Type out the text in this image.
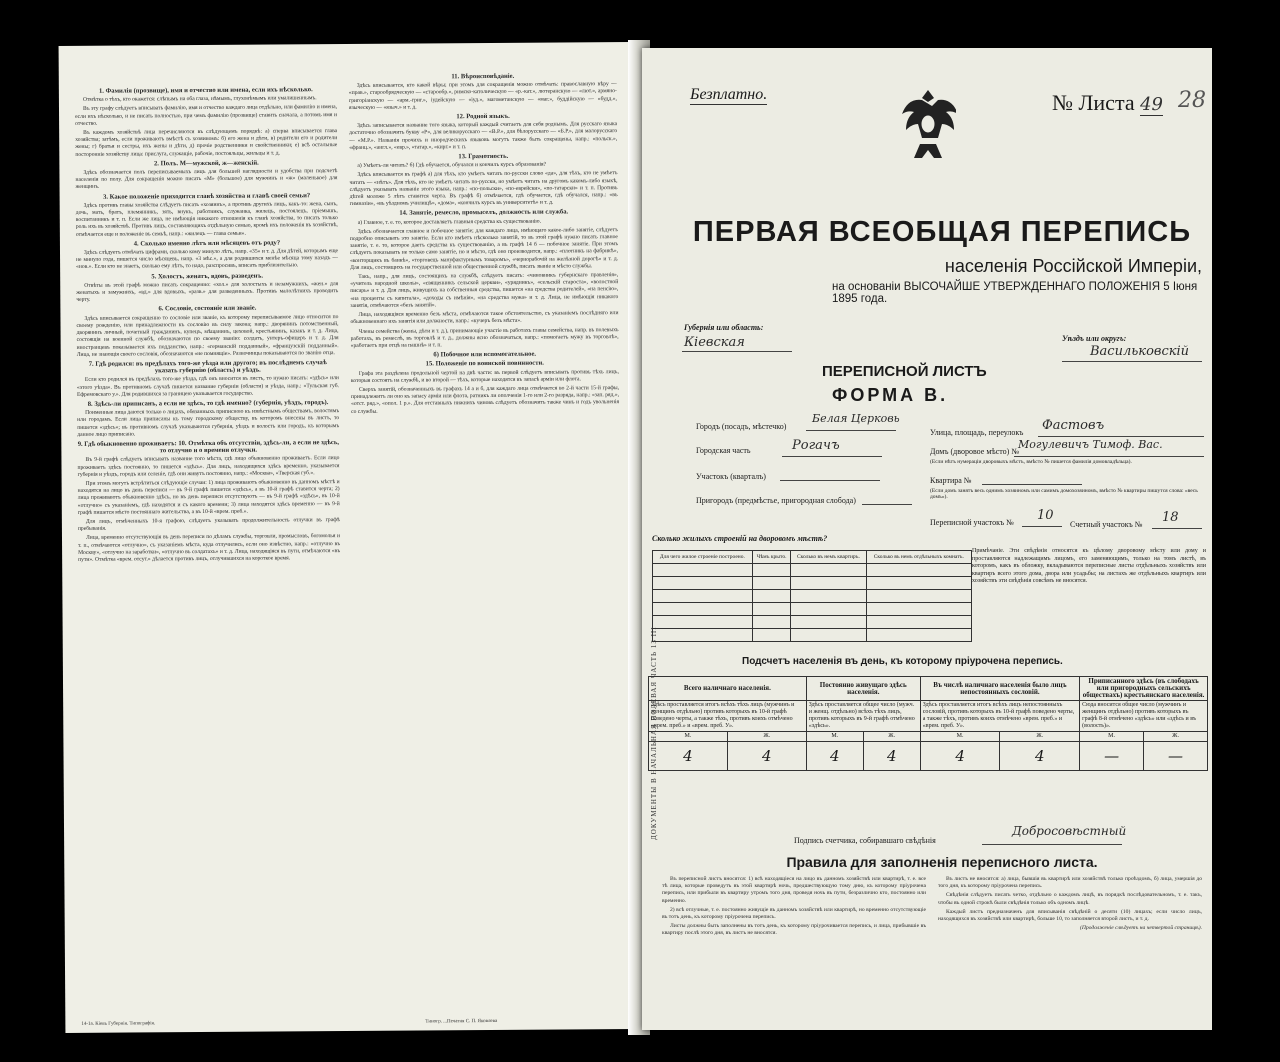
1. Фамилія (прозвище), имя и отчество или имена, если ихъ нѣсколько.

Отмѣтка о тѣхъ, кто окажется: слѣпымъ на оба глаза, нѣмымъ, глухонѣмымъ или умалишеннымъ.

Въ эту графу слѣдуетъ вписывать фамилію, имя и отчество каждаго лица отдѣльно, или фамилію и имена, если ихъ нѣсколько, и не писать полностью, при чемъ фамилію (прозвище) ставить сначала, а потомъ имя и отчество.

Въ каждомъ хозяйствѣ лица перечисляются въ слѣдующемъ порядкѣ: а) сперва вписывается глава хозяйства; затѣмъ, если проживаютъ вмѣстѣ съ хозяиномъ: б) его жена и дѣти, в) родители его и родители жены; г) братья и сестры, ихъ жены и дѣти, д) прочіе родственники и свойственники; е) всѣ остальные посторонніе хозяйству лица: прислуга, служащіе, рабочіе, постояльцы, жильцы и т. д.

2. Полъ. М—мужской, ж—женскій.

Здѣсь обозначается полъ переписываемыхъ лицъ для большей наглядности и удобства при подсчетѣ населенія по полу. Для сокращенія можно писать «М» (большое) для мужчинъ и «ж» (маленькое) для женщинъ.

3. Какое положеніе приходится главѣ хозяйства и главѣ своей семьи?

Здѣсь противъ главы хозяйства слѣдуетъ писать «хозяинъ», а противъ другихъ лицъ, какъ-то: жена, сынъ, дочь, мать, братъ, племянникъ, зять, внукъ, работникъ, служанка, жилецъ, постоялецъ, пріемышъ, воспитанникъ и т. п. Если же лица, не имѣющія никакого отношенія къ главѣ хозяйства, то писать только роль ихъ въ хозяйствѣ. Противъ лицъ, составляющихъ отдѣльную семью, кромѣ ихъ положенія въ хозяйствѣ, отмѣчается еще и положеніе въ семьѣ, напр.: «жилецъ — глава семьи».

4. Сколько именно лѣтъ или мѣсяцевъ отъ роду?

Здѣсь слѣдуетъ отмѣчать цифрами, сколько кому минуло лѣтъ, напр. «35» и т. д. Для дѣтей, которымъ еще не минуло года, пишется число мѣсяцевъ, напр. «3 мѣс.», а для родившихся менѣе мѣсяца тому назадъ — «нов.». Если кто не знаетъ, сколько ему лѣтъ, то надо, разспросивъ, вписать приблизительно.

5. Холостъ, женатъ, вдовъ, разведенъ.

Отвѣты въ этой графѣ можно писать сокращенно: «хол.» для холостыхъ и незамужнихъ, «жен.» для женатыхъ и замужнихъ, «вд.» для вдовыхъ, «разв.» для разведенныхъ. Противъ малолѣтнихъ проводить черту.

6. Сословіе, состояніе или званіе.

Здѣсь вписывается сокращенно то сословіе или званіе, къ которому переписываемое лицо относится по своему рожденію, или принадлежности къ сословію въ силу закона; напр.: дворянинъ потомственный, дворянинъ личный, почетный гражданинъ, купецъ, мѣщанинъ, цеховой, крестьянинъ, казакъ и т. д. Лица, состоящія на военной службѣ, обозначаются по своему званію: солдатъ, унтеръ-офицеръ и т. д. Для иностранцевъ показывается ихъ подданство, напр.: «германскій подданный», «французскій подданный». Лица, не знающія своего сословія, обозначаются «не помнящіе». Разночинцы показываются по званію отца.

7. Гдѣ родился: въ предѣлахъ того-же уѣзда или другого; въ послѣднемъ случаѣ указать губернію (область) и уѣздъ.

Если кто родился въ предѣлахъ того-же уѣзда, гдѣ онъ вносится въ листъ, то нужно писать: «здѣсь» или «этого уѣзда». Въ противномъ случаѣ пишется название губерніи (области) и уѣзда, напр.: «Тульская губ. Ефремовскаго у.». Для родившихся за границею указывается государство.

8. Здѣсь-ли приписанъ, а если не здѣсь, то гдѣ именно? (губернія, уѣздъ, городъ).

Поименные лица даются только о лицахъ, обязанныхъ приписною къ извѣстнымъ обществамъ, волостямъ или городамъ. Если лица приписаны къ тому городскому обществу, въ которомъ внесены въ листъ, то пишется «здѣсь»; въ противномъ случаѣ указываются губернія, уѣздъ и волость или городъ, къ которымъ данное лицо приписано.

9. Гдѣ обыкновенно проживаетъ: 10. Отмѣтка объ отсутствіи, здѣсь-ли, а если не здѣсь, то отлучно и о времени отлучки.

Въ 9-й графѣ слѣдуетъ вписывать название того мѣста, гдѣ лицо обыкновенно проживаетъ. Если лицо проживаетъ здѣсь постоянно, то пишется «здѣсь». Для лицъ, находящихся здѣсь временно, указывается губернія и уѣздъ, городъ или селеніе, гдѣ они живутъ постоянно, напр.: «Москва», «Тверская губ.».

При этомъ могутъ встрѣтиться слѣдующіе случаи: 1) лица проживаютъ обыкновенно въ данномъ мѣстѣ и находятся на лицо въ день переписи — въ 9-й графѣ пишется «здѣсь», а въ 10-й графѣ ставится черта; 2) лица проживаютъ обыкновенно здѣсь, но въ день переписи отсутствуютъ — въ 9-й графѣ «здѣсь», въ 10-й «отлучно» съ указаніемъ, гдѣ находятся и съ какого времени; 3) лица находятся здѣсь временно — въ 9-й графѣ пишется мѣсто постояннаго жительства, а въ 10-й «врем. преб.».

Для лицъ, отмѣченныхъ 10-я графою, слѣдуетъ указывать продолжительность отлучки въ графѣ пребыванія.

Лица, временно отсутствующія въ день переписи по дѣламъ службы, торговли, промысловъ, богомолья и т. п., отмѣчаются «отлучно», съ указаніемъ мѣста, куда отлучились, если оно извѣстно, напр.: «отлучно въ Москву», «отлучно на заработки», «отлучно въ солдатахъ» и т. д. Лица, находящіяся въ пути, отмѣчаются «въ пути». Отмѣтка «врем. отсут.» дѣлается противъ лицъ, отлучившихся на короткое время.

11. Вѣроисповѣданіе.

Здѣсь вписывается, кто какой вѣры; при этомъ для сокращенія можно отмѣчать: православную вѣру — «прав.», старообрядческую — «старообр.», римско-католическую — «р.-кат.», лютеранскую — «лют.», армяно-григоріанскую — «арм.-григ.», іудейскую — «іуд.», магометанскую — «маг.», буддійскую — «будд.», языческую — «языч.» и т. д.

12. Родной языкъ.

Здѣсь записывается название того языка, который каждый считаетъ для себя роднымъ. Для русскаго языка достаточно обозначить букву «Р», для великорусскаго — «В.Р.», для бѣлорусскаго — «Б.Р.», для малорусскаго — «М.Р.». Названія прочихъ и инородческихъ языковъ могутъ также быть сокращены, напр.: «польск.», «франц.», «англ.», «евр.», «татар.», «кирг.» и т. п.

13. Грамотность.

а) Умѣетъ-ли читать? б) Гдѣ обучается, обучался и кончилъ курсъ образованія?

Здѣсь вписывается въ графѣ а) для тѣхъ, кто умѣетъ читать по-русски слово «да», для тѣхъ, кто не умѣетъ читать — «нѣтъ». Для тѣхъ, кто не умѣетъ читать по-русски, но умѣетъ читать на другомъ какомъ-либо языкѣ, слѣдуетъ указывать названіе этого языка, напр.: «по-польски», «по-еврейски», «по-татарски» и т. п. Противъ дѣтей моложе 5 лѣтъ ставится черта. Въ графѣ б) отмѣчается, гдѣ обучается, гдѣ обучался, напр.: «въ гимназіи», «въ уѣздномъ училищѣ», «дома», «кончилъ курсъ въ университетѣ» и т. д.

14. Занятіе, ремесло, промыселъ, должность или служба.

а) Главное, т. е. то, которое доставляетъ главныя средства къ существованію.

Здѣсь обозначается главное и побочное занятіе; для каждаго лица, имѣющаго какое-либо занятіе, слѣдуетъ подробно описывать это занятіе. Если кто имѣетъ нѣсколько занятій, то въ этой графѣ нужно писать главное занятіе, т. е. то, которое даетъ средства къ существованію, а въ графѣ 14 б — побочное занятіе. При этомъ слѣдуетъ показывать не только само занятіе, но и мѣсто, гдѣ оно производится, напр.: «плотникъ на фабрикѣ», «конторщикъ въ банкѣ», «торговецъ мануфактурнымъ товаромъ», «чернорабочій на желѣзной дорогѣ» и т. д. Для лицъ, состоящихъ на государственной или общественной службѣ, писать званіе и мѣсто службы.

Такъ, напр., для лицъ, состоящихъ на службѣ, слѣдуетъ писать: «чиновникъ губернскаго правленія», «учитель народной школы», «священникъ сельской церкви», «урядникъ», «сельскій староста», «волостной писарь» и т. д. Для лицъ, живущихъ на собственныя средства, пишется «на средства родителей», «на пенсію», «на проценты съ капитала», «доходы съ имѣнія», «на средства мужа» и т. д. Лица, не имѣющія никакого занятія, отмѣчаются «безъ занятій».

Лица, находящіяся временно безъ мѣста, отмѣчаются такое обстоятельство, съ указаніемъ послѣдняго или обыкновеннаго ихъ занятія или должности, напр.: «кучеръ безъ мѣста».

Члены семейства (жены, дѣти и т. д.), принимающіе участіе въ работахъ главы семейства, напр. въ полевыхъ работахъ, въ ремеслѣ, въ торговлѣ и т. д., должны ясно обозначаться, напр.: «помогаетъ мужу въ торговлѣ», «работаетъ при отцѣ на пашнѣ» и т. п.

б) Побочное или вспомогательное.
15. Положеніе по воинской повинности.

Графа эта раздѣлена продольной чертой на двѣ части: въ первой слѣдуетъ вписывать противъ тѣхъ лицъ, которыя состоятъ на службѣ, и во второй — тѣхъ, которые находятся въ запасѣ армiи или флота.

Сверхъ занятій, обозначенныхъ въ графахъ 14 а и б, для каждаго лица отмѣчается во 2-й части 15-й графы, принадлежитъ ли оно къ запасу армiи или флота, ратникъ ли ополченія 1-го или 2-го разряда, напр.: «зап. ряд.», «отст. ряд.», «опол. 1 р.». Для отставныхъ нижнихъ чиновъ слѣдуетъ обозначить также чинъ и годъ увольненія со службы.

14-1а. Кіевъ Губернія. Типографія.	Тиногр. ...Печатня С. П. Яковлева
28
Безплатно.	№ Листа 49
ПЕРВАЯ ВСЕОБЩАЯ ПЕРЕПИСЬ
населенія Россійской Имперіи,
на основаніи ВЫСОЧАЙШЕ УТВЕРЖДЕННАГО ПОЛОЖЕНІЯ 5 Іюня 1895 года.
Губернія или область:
Кіевская	Уѣздъ или округъ:
Васильковскій
ПЕРЕПИСНОЙ ЛИСТЪ
ФОРМА В.
Городъ (посадъ, мѣстечко)
Белая Церковь
Улица, площадь, переулокъ Фастовъ
Городская часть	Рогачъ	Домъ (дворовое мѣсто) №
Могулевичъ Тимоф. Вас.
(Если нѣтъ нумераціи дворовыхъ мѣстъ, вмѣсто № пишется фамилія домовладѣльца).
Участокъ (кварталъ)	Квартира №
(Если домъ занятъ весь однимъ хозяиномъ или самимъ домохозяиномъ, вмѣсто № квартиры пишутся слова: «весь домъ»).
Пригородъ (предмѣстье, пригородная слобода)
Переписной участокъ № 10
Счетный участокъ № 18
Сколько жилыхъ строеній на дворовомъ мѣстѣ?
Для чего жилое строеніе построено.	Чѣмъ крыто.	Сколько въ немъ квартиръ.	Сколько въ немъ отдѣльныхъ комнатъ.

Примѣчаніе. Эти свѣдѣнія относятся къ цѣлому дворовому мѣсту или дому и проставляются надлежащимъ лицомъ, его заменяющимъ, только на томъ листѣ, въ которомъ, какъ въ обложку, вкладываются переписные листы отдѣльныхъ хозяйствъ или квартиръ всего этого дома, двора или усадьбы; на листахъ же отдѣльныхъ квартиръ или хозяйствъ эти свѣдѣнія совсѣмъ не вносятся.
Подсчетъ населенія въ день, къ которому пріурочена перепись.
Всего наличнаго населенія.		Постоянно живущаго здѣсь населенія.		Въ числѣ наличнаго населенія было лицъ непостоянныхъ сословій.		Приписанного здѣсь (въ слободахъ или пригородныхъ сельскихъ обществахъ) крестьянскаго населенія.	
Здѣсь проставляется итогъ всѣхъ тѣхъ лицъ (мужчинъ и женщинъ отдѣльно) противъ которыхъ въ 10-й графѣ поведено черты, а также тѣхъ, противъ коихъ отмѣчено «врем. преб.» и «врем. преб. У».		Здѣсь проставляется общее число (мужч. и женщ. отдѣльно) всѣхъ тѣхъ лицъ, противъ которыхъ въ 9-й графѣ отмѣчено «здѣсь».		Здѣсь проставляется итогъ всѣхъ лицъ непостоянныхъ сословій, противъ которыхъ въ 10-й графѣ поведено черты, а также тѣхъ, противъ коихъ отмѣчено «врем. преб.» и «врем. преб. У».		Сюда вносится общее число (мужчинъ и женщинъ отдѣльно) противъ которыхъ въ графѣ 8-й отмѣчено «здѣсь» или «здѣсь и въ (волость)».	
М.	Ж.	М.	Ж.	М.	Ж.	М.	Ж.
4	4	4	4	4	4	—	—
Подпись счетчика, собиравшаго свѣдѣнія
Добросовѣстный
Правила для заполненія переписного листа.

Въ переписной листъ вносятся: 1) всѣ находящіеся на лицо въ данномъ хозяйствѣ или квартирѣ, т. е. все тѣ лица, которые проведутъ въ этой квартирѣ ночь, предшествующую тому дню, къ которому пріурочена перепись, или прибыли въ квартиру утромъ того дня, проведя ночь въ пути, безразлично кто, постоянно или временно.

2) всѣ отлучные, т. е. постоянно живущіе въ данномъ хозяйствѣ или квартирѣ, но временно отсутствующіе въ тотъ день, къ которому пріурочена перепись.

Листы должны быть заполнены въ тотъ день, къ которому пріурочивается перепись, и лица, прибывшіе въ квартиру послѣ этого дня, въ листъ не вносятся.

Въ листъ не вносятся: а) лица, бывшія въ квартирѣ или хозяйствѣ только проѣздомъ, б) лица, умершія до того дня, къ которому пріурочена перепись.

Свѣдѣнія слѣдуетъ писать четко, отдѣльно о каждомъ лицѣ, въ порядкѣ послѣдовательномъ, т. е. такъ, чтобы въ одной строкѣ были свѣдѣнія только объ одномъ лицѣ.

Каждый листъ предназначенъ для вписыванія свѣдѣній о десяти (10) лицахъ; если число лицъ, находящихся въ хозяйствѣ или квартирѣ, больше 10, то заполняется второй листъ, и т. д.

(Продолженіе слѣдуетъ на четвертой страницѣ).

ДОКУМЕНТЫ В НАЧАЛЬНАЯ ПОЛЕВАЯ ЧАСТЬ 13 III
